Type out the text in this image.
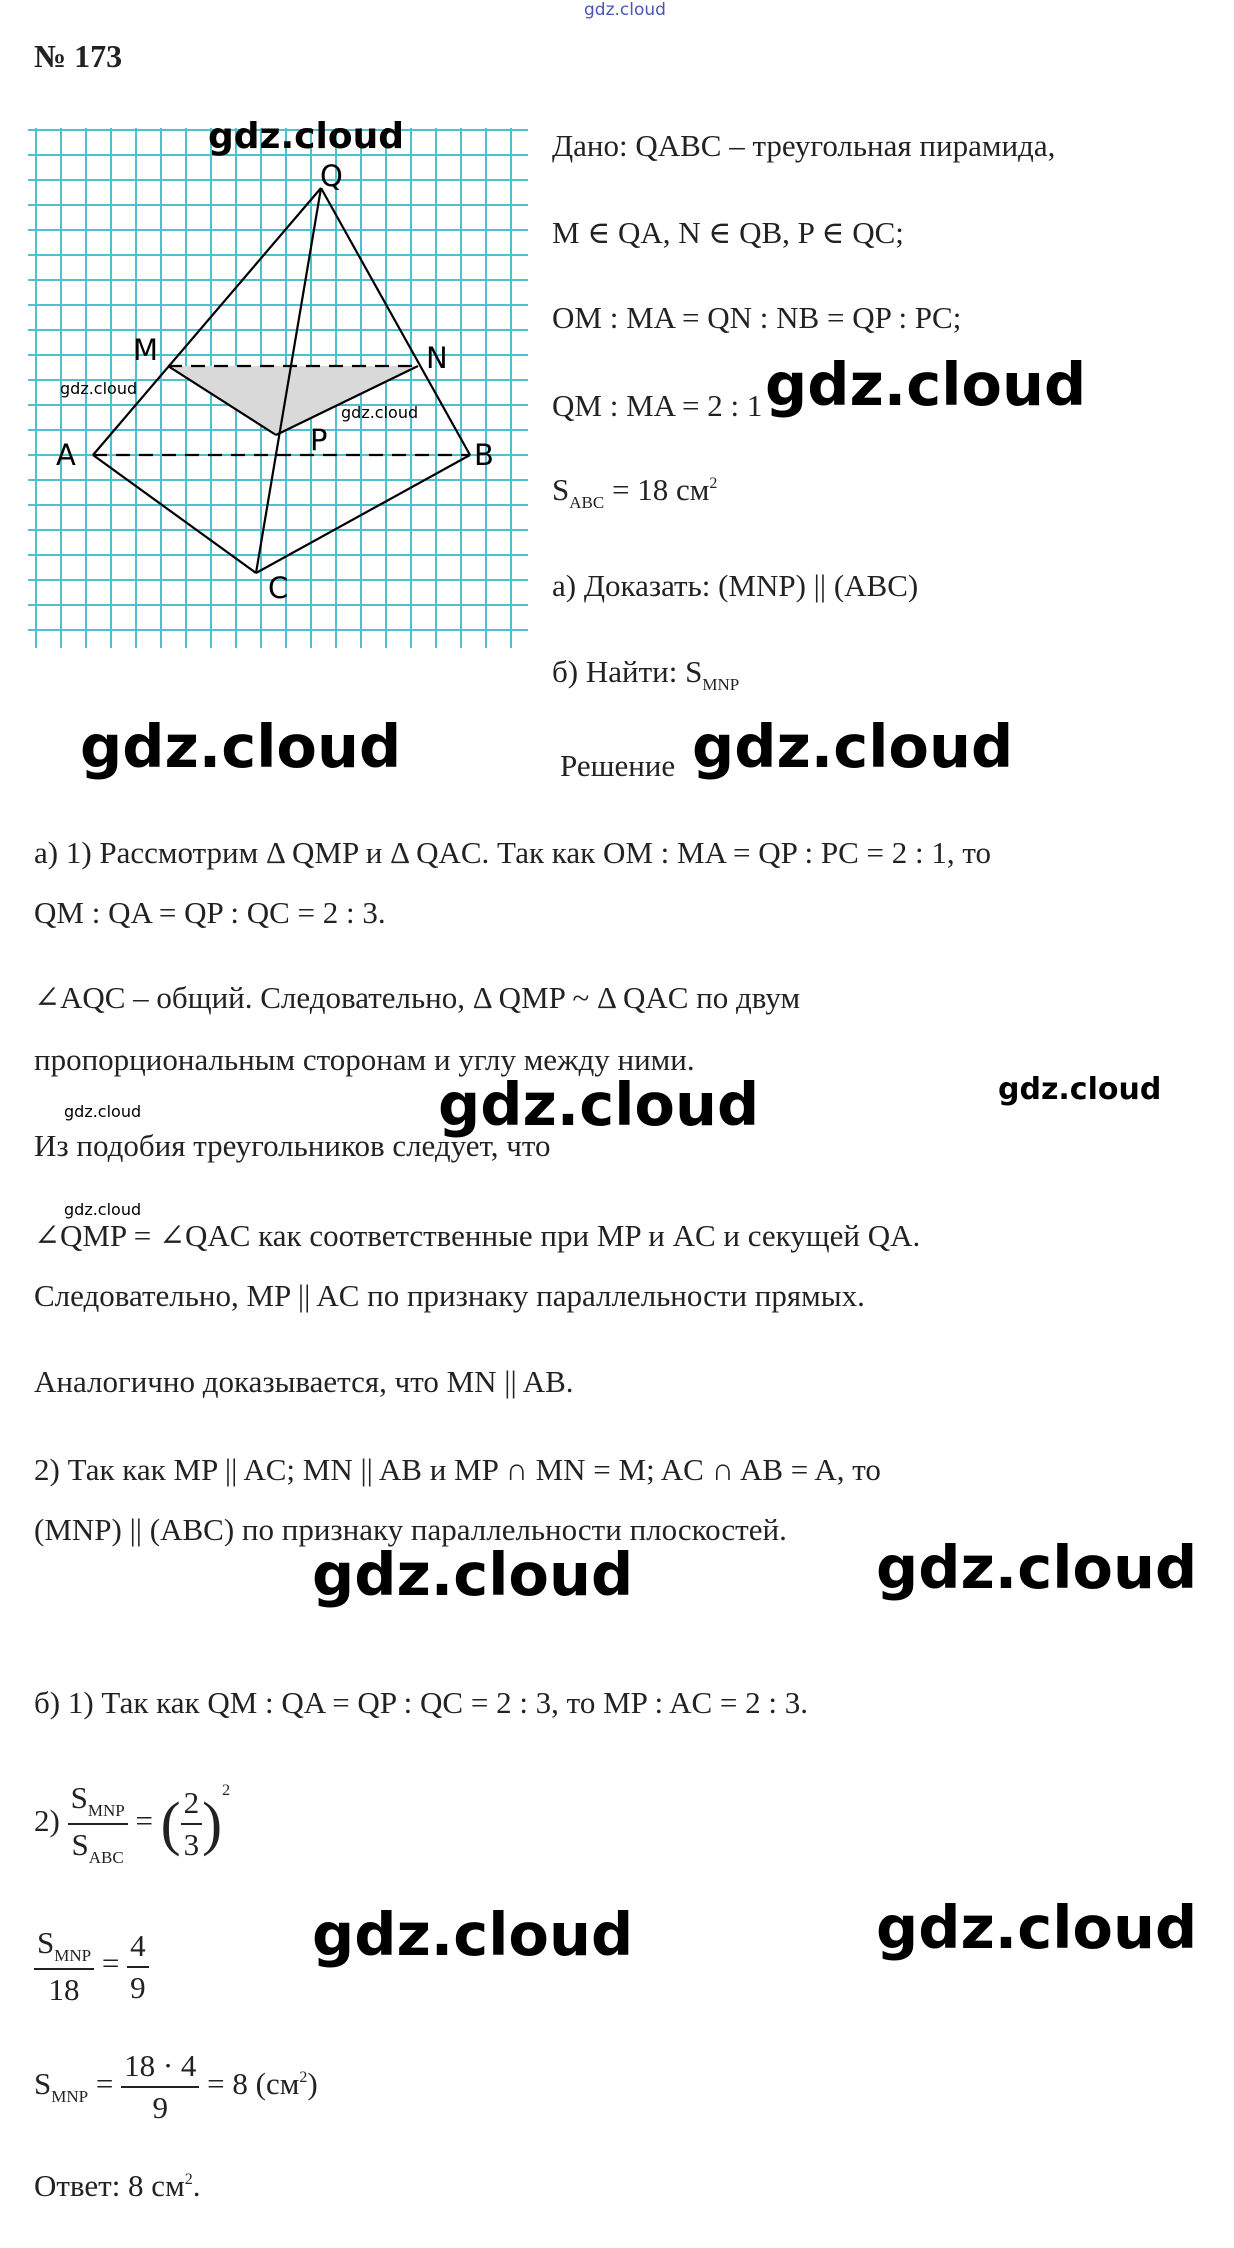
gdz.cloud
№ 173
Q
M	N
A	B
C
P
gdz.cloud
gdz.cloud
gdz.cloud
Дано: QABC – треугольная пирамида,
M ∈ QA, N ∈ QB, P ∈ QC;
OM : MA = QN : NB = QP : PC;
QM : MA = 2 : 1
$S_{ABC} = 18$ $см^2$
а) Доказать: (MNP) || (ABC)
б) Найти: $S_{MNP}$
gdz.cloud
gdz.cloud	gdz.cloud
Решение
а) 1) Рассмотрим Δ QMP и Δ QAC. Так как OM : MA = QP : PC = 2 : 1, то
QM : QA = QP : QC = 2 : 3.
∠AQC – общий. Следовательно, Δ QMP ~ Δ QAC по двум
пропорциональным сторонам и углу между ними.
gdz.cloud
gdz.cloud	gdz.cloud
Из подобия треугольников следует, что
gdz.cloud
∠QMP = ∠QAC как соответственные при MP и AC и секущей QA.
Следовательно, MP || AC по признаку параллельности прямых.
Аналогично доказывается, что MN || AB.
2) Так как MP || AC; MN || AB и MP ∩ MN = M; AC ∩ AB = A, то
(MNP) || (ABC) по признаку параллельности плоскостей.
gdz.cloud	gdz.cloud
б) 1) Так как QM : QA = QP : QC = 2 : 3, то MP : AC = 2 : 3.
$2) \frac{S_{MNP}}{S_{ABC}}$ = ( $\frac{2}{3} )^2$
$\frac{S_{MNP}}{18} = \frac{4}{9}$	gdz.cloud	gdz.cloud
$S_{MNP} = \frac{18 \cdot 4}{9} = 8$ $(см^2)$
Ответ: 8 $см^2$.
